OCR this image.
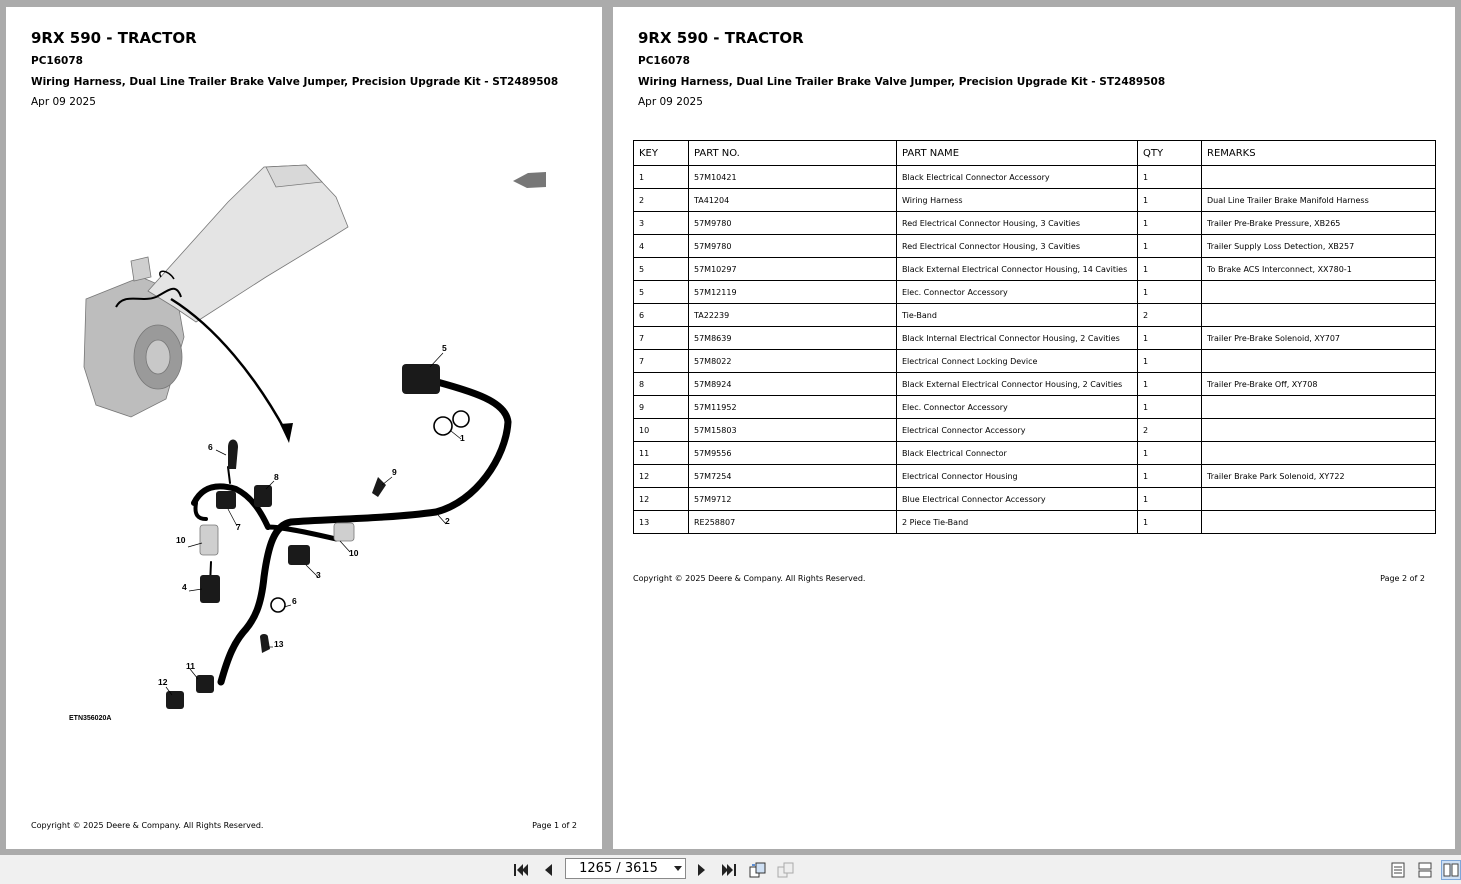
9RX 590 - TRACTOR
PC16078
Wiring Harness, Dual Line Trailer Brake Valve Jumper, Precision Upgrade Kit - ST2489508
Apr 09 2025
5
1
6
8	9
7
10
2
10
4
3
6
13
11
12
ETN356020A
Copyright © 2025 Deere & Company. All Rights Reserved.	Page 1 of 2
9RX 590 - TRACTOR
PC16078
Wiring Harness, Dual Line Trailer Brake Valve Jumper, Precision Upgrade Kit - ST2489508
Apr 09 2025
KEY	PART NO.	PART NAME	QTY	REMARKS
1	57M10421	Black Electrical Connector Accessory	1	
2	TA41204	Wiring Harness	1	Dual Line Trailer Brake Manifold Harness
3	57M9780	Red Electrical Connector Housing, 3 Cavities	1	Trailer Pre-Brake Pressure, XB265
4	57M9780	Red Electrical Connector Housing, 3 Cavities	1	Trailer Supply Loss Detection, XB257
5	57M10297	Black External Electrical Connector Housing, 14 Cavities	1	To Brake ACS Interconnect, XX780-1
5	57M12119	Elec. Connector Accessory	1	
6	TA22239	Tie-Band	2	
7	57M8639	Black Internal Electrical Connector Housing, 2 Cavities	1	Trailer Pre-Brake Solenoid, XY707
7	57M8022	Electrical Connect Locking Device	1	
8	57M8924	Black External Electrical Connector Housing, 2 Cavities	1	Trailer Pre-Brake Off, XY708
9	57M11952	Elec. Connector Accessory	1	
10	57M15803	Electrical Connector Accessory	2	
11	57M9556	Black Electrical Connector	1	
12	57M7254	Electrical Connector Housing	1	Trailer Brake Park Solenoid, XY722
12	57M9712	Blue Electrical Connector Accessory	1	
13	RE258807	2 Piece Tie-Band	1	
Copyright © 2025 Deere & Company. All Rights Reserved.	Page 2 of 2
1265 / 3615
